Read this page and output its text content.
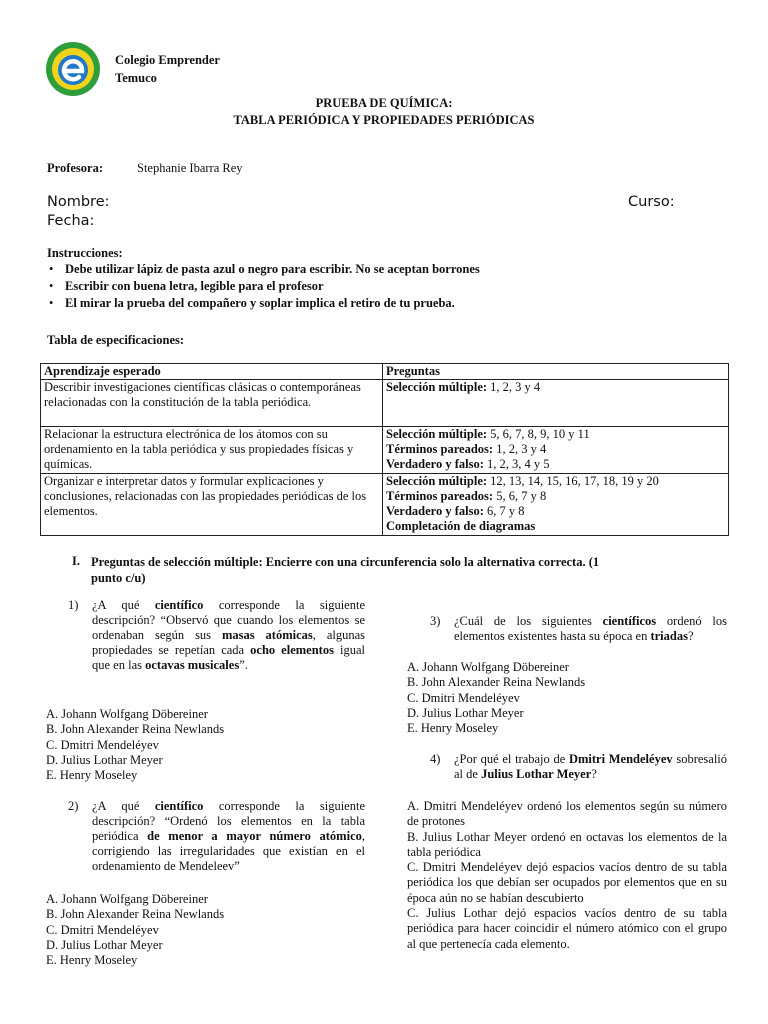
Colegio Emprender
Temuco
PRUEBA DE QUÍMICA:
TABLA PERIÓDICA Y PROPIEDADES PERIÓDICAS
Profesora:	Stephanie Ibarra Rey
Nombre:	Curso:
Fecha:
Instrucciones:
• Debe utilizar lápiz de pasta azul o negro para escribir. No se aceptan borrones
• Escribir con buena letra, legible para el profesor
• El mirar la prueba del compañero y soplar implica el retiro de tu prueba.
Tabla de especificaciones:
Aprendizaje esperado	Preguntas
Describir investigaciones científicas clásicas o contemporáneas relacionadas con la constitución de la tabla periódica.	Selección múltiple: 1, 2, 3 y 4

Relacionar la estructura electrónica de los átomos con su ordenamiento en la tabla periódica y sus propiedades físicas y químicas.	Selección múltiple: 5, 6, 7, 8, 9, 10 y 11
Términos pareados: 1, 2, 3 y 4
Verdadero y falso: 1, 2, 3, 4 y 5

Organizar e interpretar datos y formular explicaciones y conclusiones, relacionadas con las propiedades periódicas de los elementos.	Selección múltiple: 12, 13, 14, 15, 16, 17, 18, 19 y 20
Términos pareados: 5, 6, 7 y 8
Verdadero y falso: 6, 7 y 8
Completación de diagramas
I. Preguntas de selección múltiple: Encierre con una circunferencia solo la alternativa correcta. (1
punto c/u)
1) ¿A qué científico corresponde la siguiente descripción? “Observó que cuando los elementos se ordenaban según sus masas atómicas, algunas propiedades se repetían cada ocho elementos igual que en las octavas musicales”.
A. Johann Wolfgang Döbereiner
B. John Alexander Reina Newlands
C. Dmitri Mendeléyev
D. Julius Lothar Meyer
E. Henry Moseley
2) ¿A qué científico corresponde la siguiente descripción? “Ordenó los elementos en la tabla periódica de menor a mayor número atómico, corrigiendo las irregularidades que existían en el ordenamiento de Mendeleev”
A. Johann Wolfgang Döbereiner
B. John Alexander Reina Newlands
C. Dmitri Mendeléyev
D. Julius Lothar Meyer
E. Henry Moseley
3) ¿Cuál de los siguientes científicos ordenó los elementos existentes hasta su época en triadas?
A. Johann Wolfgang Döbereiner
B. John Alexander Reina Newlands
C. Dmitri Mendeléyev
D. Julius Lothar Meyer
E. Henry Moseley
4) ¿Por qué el trabajo de Dmitri Mendeléyev sobresalió al de Julius Lothar Meyer?
A. Dmitri Mendeléyev ordenó los elementos según su número de protones
B. Julius Lothar Meyer ordenó en octavas los elementos de la tabla periódica
C. Dmitri Mendeléyev dejó espacios vacíos dentro de su tabla periódica los que debían ser ocupados por elementos que en su época aún no se habían descubierto
C. Julius Lothar dejó espacios vacíos dentro de su tabla periódica para hacer coincidir el número atómico con el grupo al que pertenecía cada elemento.
